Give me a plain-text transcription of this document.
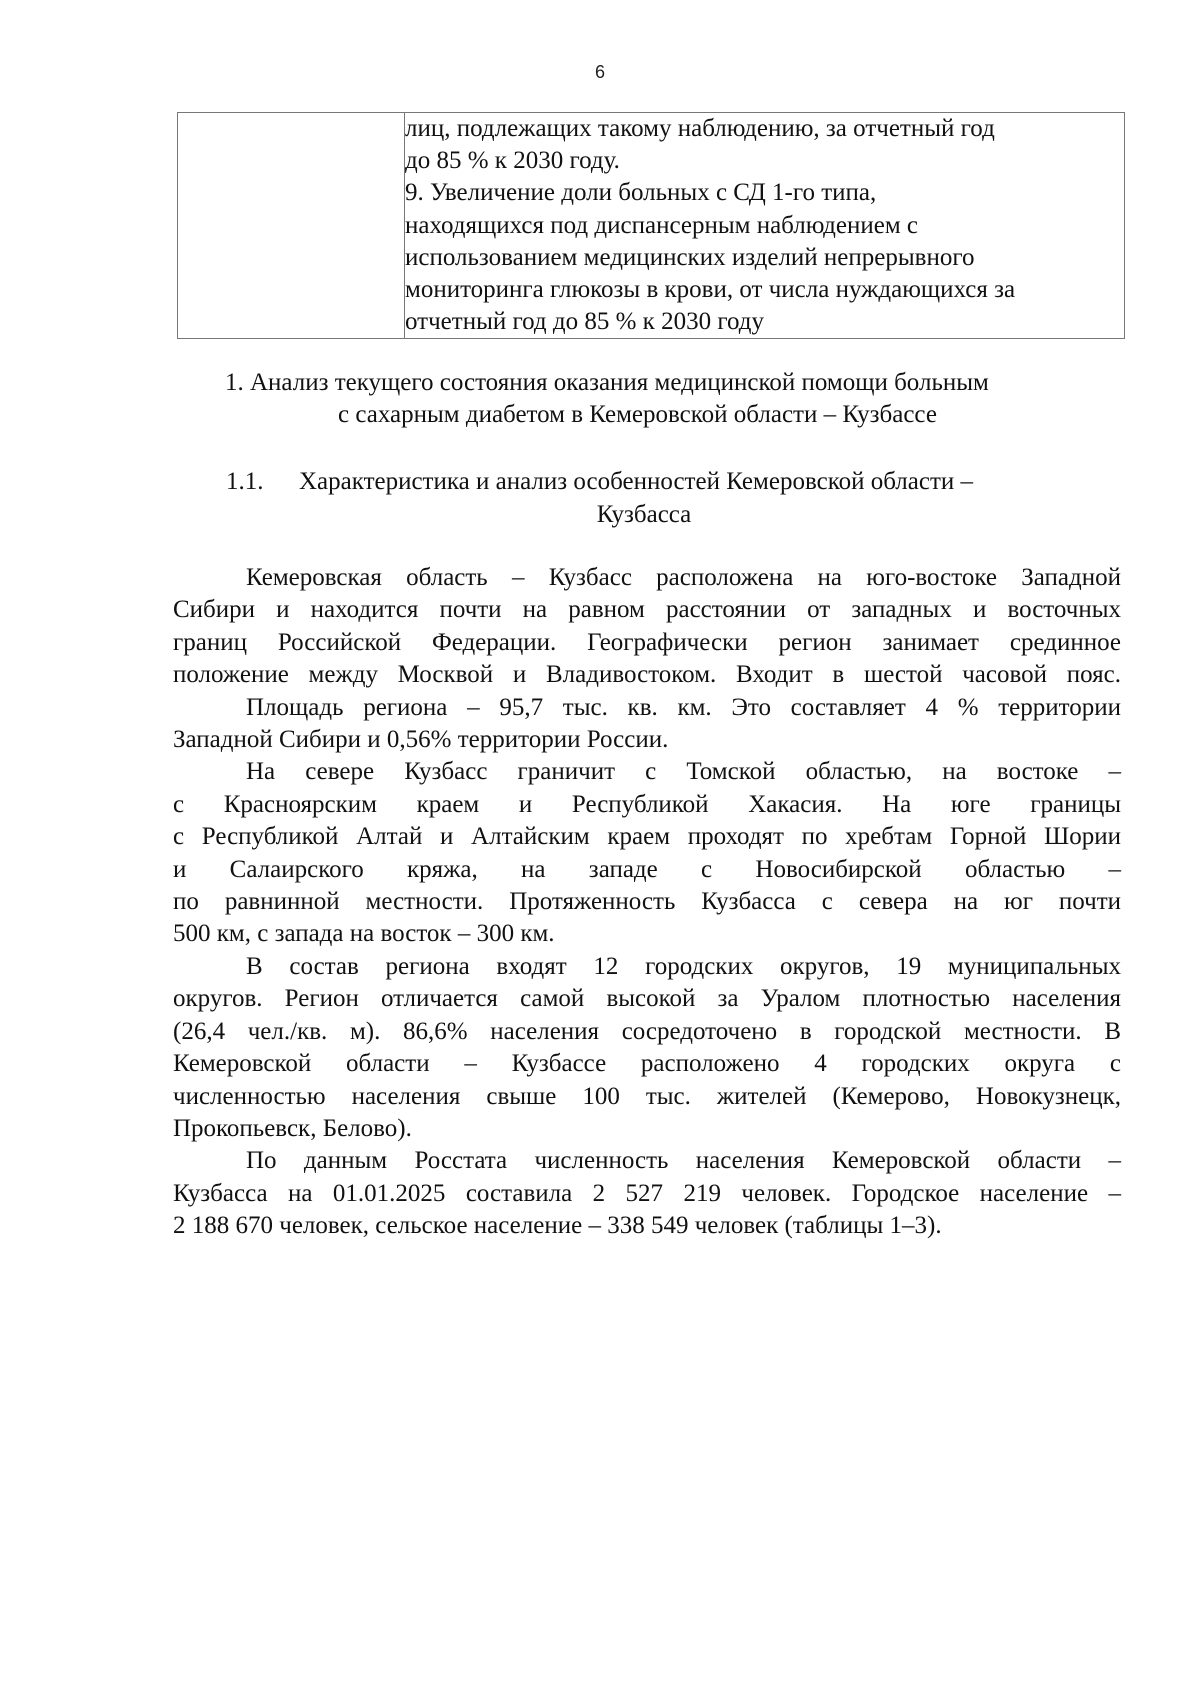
6

лиц, подлежащих такому наблюдению, за отчетный год
до 85 % к 2030 году.
9. Увеличение доли больных с СД 1-го типа,
находящихся под диспансерным наблюдением с
использованием медицинских изделий непрерывного
мониторинга глюкозы в крови, от числа нуждающихся за
отчетный год до 85 % к 2030 году
1. Анализ текущего состояния оказания медицинской помощи больным
с сахарным диабетом в Кемеровской области – Кузбассе
1.1. Характеристика и анализ особенностей Кемеровской области –
Кузбасса

Кемеровская область – Кузбасс расположена на юго-востоке Западной
Сибири и находится почти на равном расстоянии от западных и восточных
границ Российской Федерации. Географически регион занимает срединное
положение между Москвой и Владивостоком. Входит в шестой часовой пояс.

Площадь региона – 95,7 тыс. кв. км. Это составляет 4 % территории
Западной Сибири и 0,56% территории России.

На севере Кузбасс граничит с Томской областью, на востоке –
с Красноярским краем и Республикой Хакасия. На юге границы
с Республикой Алтай и Алтайским краем проходят по хребтам Горной Шории
и Салаирского кряжа, на западе с Новосибирской областью –
по равнинной местности. Протяженность Кузбасса с севера на юг почти
500 км, с запада на восток – 300 км.

В состав региона входят 12 городских округов, 19 муниципальных
округов. Регион отличается самой высокой за Уралом плотностью населения
(26,4 чел./кв. м). 86,6% населения сосредоточено в городской местности. В
Кемеровской области – Кузбассе расположено 4 городских округа с
численностью населения свыше 100 тыс. жителей (Кемерово, Новокузнецк,
Прокопьевск, Белово).

По данным Росстата численность населения Кемеровской области –
Кузбасса на 01.01.2025 составила 2 527 219 человек. Городское население –
2 188 670 человек, сельское население – 338 549 человек (таблицы 1–3).
